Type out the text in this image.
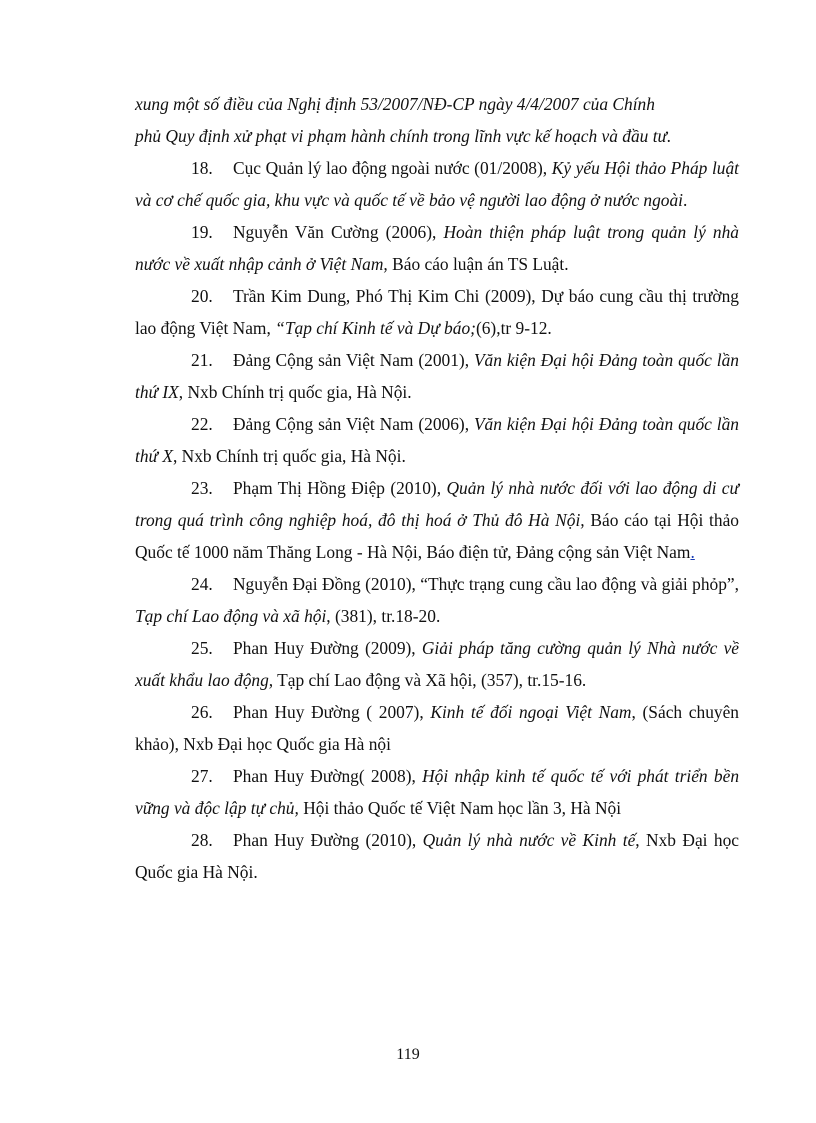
xung một số điều của Nghị định 53/2007/NĐ-CP ngày 4/4/2007 của Chính
phủ Quy định xử phạt vi phạm hành chính trong lĩnh vực kế hoạch và đầu tư.

18. Cục Quản lý lao động ngoài nước (01/2008), Kỷ yếu Hội thảo Pháp luật và cơ chế quốc gia, khu vực và quốc tế về bảo vệ người lao động ở nước ngoài.

19. Nguyễn Văn Cường (2006), Hoàn thiện pháp luật trong quản lý nhà nước về xuất nhập cảnh ở Việt Nam, Báo cáo luận án TS Luật.

20. Trần Kim Dung, Phó Thị Kim Chi (2009), Dự báo cung cầu thị trường lao động Việt Nam, “Tạp chí Kinh tế và Dự báo;(6),tr 9-12.

21. Đảng Cộng sản Việt Nam (2001), Văn kiện Đại hội Đảng toàn quốc lần thứ IX, Nxb Chính trị quốc gia, Hà Nội.

22. Đảng Cộng sản Việt Nam (2006), Văn kiện Đại hội Đảng toàn quốc lần thứ X, Nxb Chính trị quốc gia, Hà Nội.

23. Phạm Thị Hồng Điệp (2010), Quản lý nhà nước đối với lao động di cư trong quá trình công nghiệp hoá, đô thị hoá ở Thủ đô Hà Nội, Báo cáo tại Hội thảo Quốc tế 1000 năm Thăng Long - Hà Nội, Báo điện tử, Đảng cộng sản Việt Nam.

24. Nguyễn Đại Đồng (2010), “Thực trạng cung cầu lao động và giải phỏp”, Tạp chí Lao động và xã hội, (381), tr.18-20.

25. Phan Huy Đường (2009), Giải pháp tăng cường quản lý Nhà nước về xuất khẩu lao động, Tạp chí Lao động và Xã hội, (357), tr.15-16.

26. Phan Huy Đường ( 2007), Kinh tế đối ngoại Việt Nam, (Sách chuyên khảo), Nxb Đại học Quốc gia Hà nội

27. Phan Huy Đường( 2008), Hội nhập kinh tế quốc tế với phát triển bền vững và độc lập tự chủ, Hội thảo Quốc tế Việt Nam học lần 3, Hà Nội

28. Phan Huy Đường (2010), Quản lý nhà nước về Kinh tế, Nxb Đại học Quốc gia Hà Nội.

119
